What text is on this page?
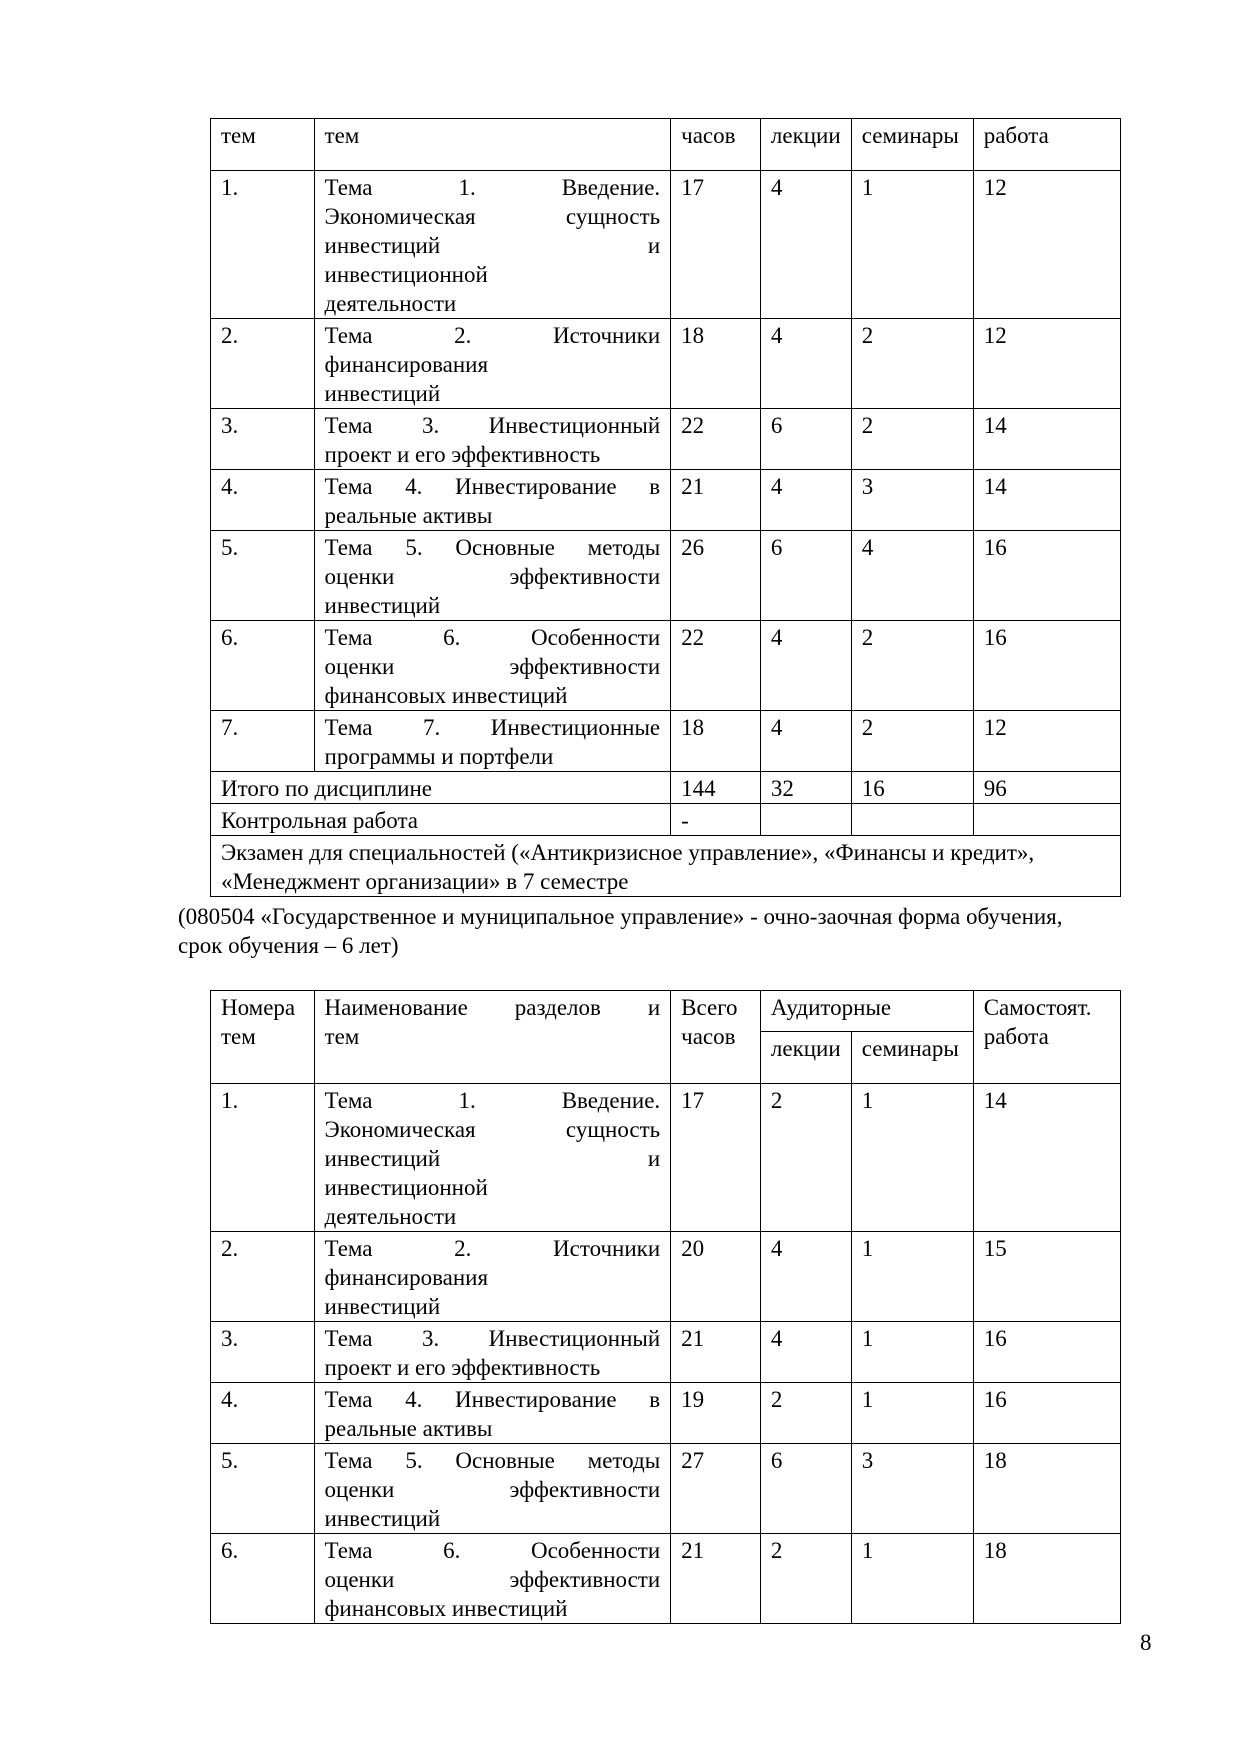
тем	тем	часов	лекции	семинары	работа
1.	Тема 1. Введение.
Экономическая сущность
инвестиций и
инвестиционной
деятельности	17	4	1	12
2.	Тема 2. Источники
финансирования
инвестиций	18	4	2	12
3.	Тема 3. Инвестиционный
проект и его эффективность	22	6	2	14
4.	Тема 4. Инвестирование в
реальные активы	21	4	3	14
5.	Тема 5. Основные методы
оценки эффективности
инвестиций	26	6	4	16
6.	Тема 6. Особенности
оценки эффективности
финансовых инвестиций	22	4	2	16
7.	Тема 7. Инвестиционные
программы и портфели	18	4	2	12
Итого по дисциплине		144	32	16	96
Контрольная работа		-			

Экзамен для специальностей («Антикризисное управление», «Финансы и кредит»,
«Менеджмент организации» в 7 семестре					
(080504 «Государственное и муниципальное управление» - очно-заочная форма обучения,
срок обучения – 6 лет)
Номера
тем	Наименование разделов и
тем	Всего
часов	Аудиторные		Самостоят.
работа

			лекции	семинары	
1.	Тема 1. Введение.
Экономическая сущность
инвестиций и
инвестиционной
деятельности	17	2	1	14
2.	Тема 2. Источники
финансирования
инвестиций	20	4	1	15
3.	Тема 3. Инвестиционный
проект и его эффективность	21	4	1	16
4.	Тема 4. Инвестирование в
реальные активы	19	2	1	16
5.	Тема 5. Основные методы
оценки эффективности
инвестиций	27	6	3	18
6.	Тема 6. Особенности
оценки эффективности
финансовых инвестиций	21	2	1	18
8
